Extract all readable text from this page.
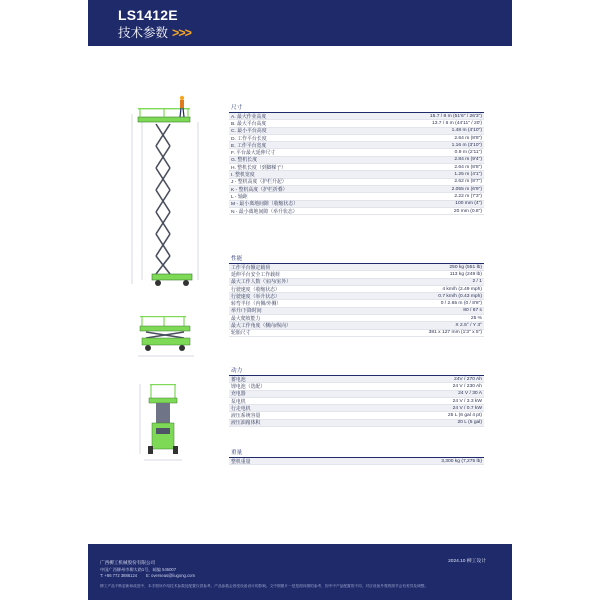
LS1412E
技术参数 >>>
尺寸
A. 最大作业高度	15.7 / 8 m (51'6" / 26'3")
B. 最大平台高度	13.7 / 6 m (44'11" / 20')
C. 最小平台高度	1.48 m (4'10")
D. 工作平台长度	2.64 m (8'8")
E. 工作平台宽度	1.16 m (3'10")
F. 平台最大延伸尺寸	0.9 m (2'11")
G. 整机长度	2.84 m (9'4")
H. 整机长度（到脚梯子）	2.64 m (8'8")
I. 整机宽度	1.25 m (4'1")
J - 整机高度（护栏升起）	2.62 m (8'7")
K - 整机高度（护栏折叠）	2.055 m (6'9")
L - 轴距	2.22 m (7'3")
M - 最小离地间隙（收缩状态）	100 mm (4")
N - 最小离地间隙（举升状态）	20 mm (0.8")
性能
工作平台额定载荷	250 kg (551 lb)
延伸平台安全工作载荷	113 kg (249 lb)
最大工作人数（室内/室外）	2 / 1
行驶速度（收缩状态）	4 km/h (2.49 mph)
行驶速度（举升状态）	0.7 km/h (0.43 mph)
转弯半径（内侧/外侧）	0 / 2.65 m (0 / 8'8")
举升/下降时间	80 / 67 s
最大爬坡能力	25 %
最大工作角度（侧向/纵向）	X 2.5° / Y 3°
轮胎尺寸	381 x 127 mm (1'3" x 5")
动力
蓄电池	24V / 270 Ah
锂电池（选配）	24 V / 230 Ah
充电器	24 V / 30 A
泵电机	24 V / 3.3 kW
行走电机	24 V / 0.7 kW
液压系统容量	25 L (6 gal 4 pt)
液压油箱体积	20 L (5 gal)
重量
整机重量	3,300 kg (7,275 lb)
广西柳工机械股份有限公司
中国广西柳州市柳太路1号，邮编 545007
T: +86 772 3886124 E: overseas@liugong.com
2024.10 柳工设计
柳工产品不断更新和改进中，本手册所介绍技术参数及配置仅供参考。产品参数会因受设备设计的影响。文中图图片一是是面向图的参考，因中中产品配置的不同，对应设备外观的细节会有差异及调整。
